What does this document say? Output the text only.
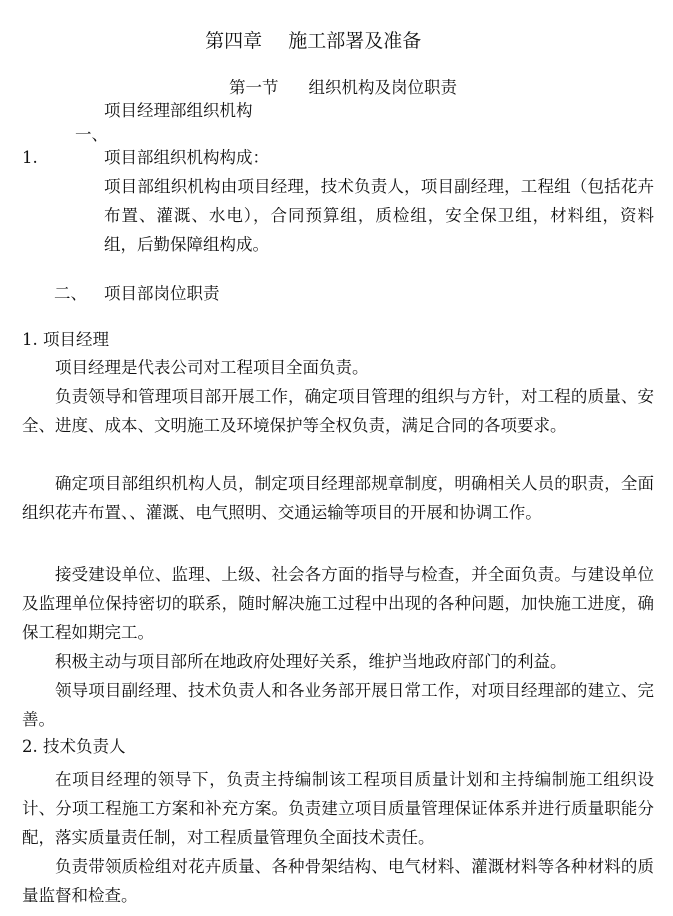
第四章 施工部署及准备

第一节 组织机构及岗位职责

一、

项目经理部组织机构
1.	项目部组织机构构成：
项目部组织机构由项目经理，技术负责人，项目副经理，工程组（包括花卉布置、灌溉、水电），合同预算组，质检组，安全保卫组，材料组，资料组，后勤保障组构成。
二、 项目部岗位职责
1. 项目经理
项目经理是代表公司对工程项目全面负责。
负责领导和管理项目部开展工作，确定项目管理的组织与方针，对工程的质量、安全、进度、成本、文明施工及环境保护等全权负责，满足合同的各项要求。
确定项目部组织机构人员，制定项目经理部规章制度，明确相关人员的职责，全面组织花卉布置、、灌溉、电气照明、交通运输等项目的开展和协调工作。
接受建设单位、监理、上级、社会各方面的指导与检查，并全面负责。与建设单位及监理单位保持密切的联系，随时解决施工过程中出现的各种问题，加快施工进度，确保工程如期完工。
积极主动与项目部所在地政府处理好关系，维护当地政府部门的利益。
领导项目副经理、技术负责人和各业务部开展日常工作，对项目经理部的建立、完善。
2. 技术负责人
在项目经理的领导下，负责主持编制该工程项目质量计划和主持编制施工组织设计、分项工程施工方案和补充方案。负责建立项目质量管理保证体系并进行质量职能分配，落实质量责任制，对工程质量管理负全面技术责任。
负责带领质检组对花卉质量、各种骨架结构、电气材料、灌溉材料等各种材料的质量监督和检查。
